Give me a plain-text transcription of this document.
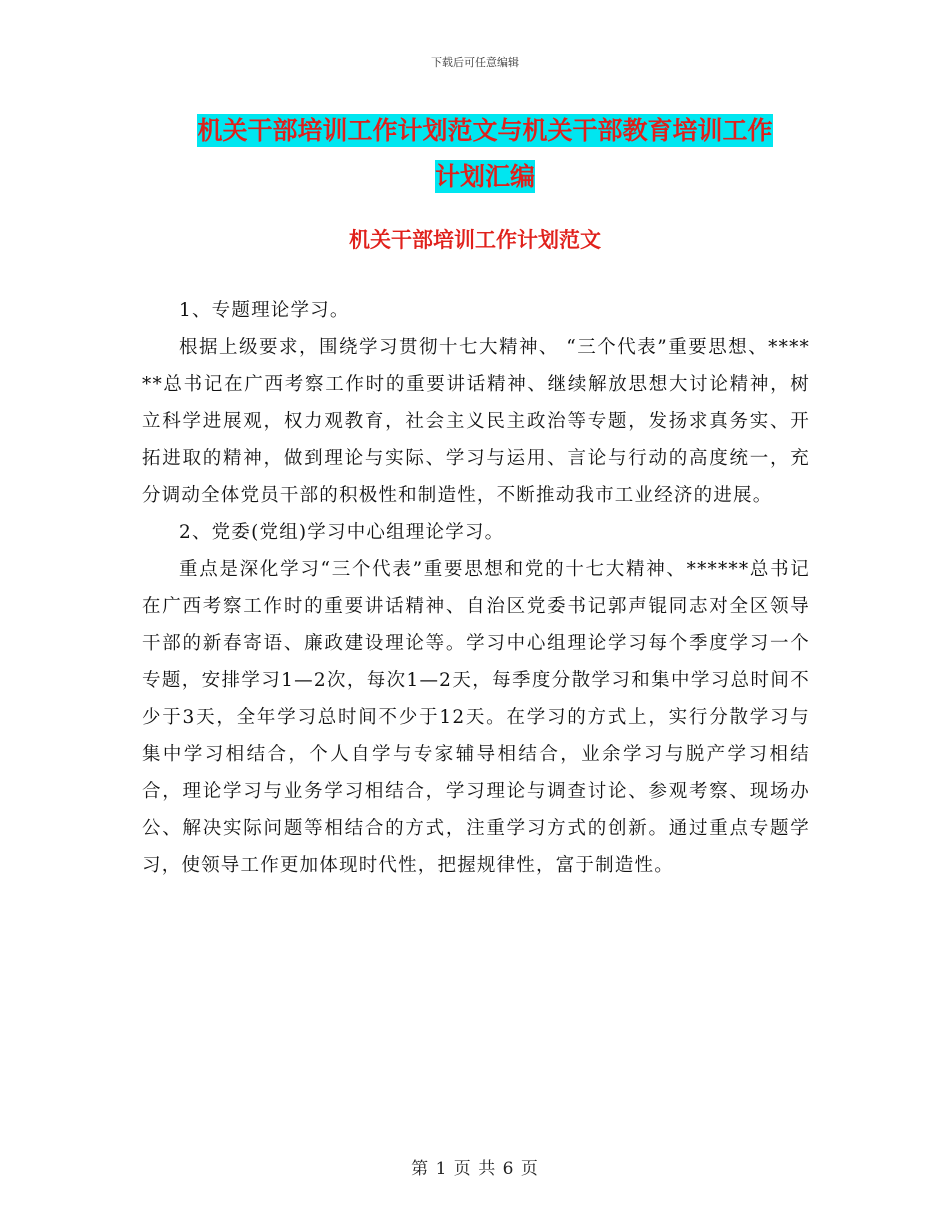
下载后可任意编辑
机关干部培训工作计划范文与机关干部教育培训工作
计划汇编
机关干部培训工作计划范文

1、专题理论学习。

根据上级要求，围绕学习贯彻十七大精神、 “三个代表”重要思想、******总书记在广西考察工作时的重要讲话精神、继续解放思想大讨论精神，树立科学进展观，权力观教育，社会主义民主政治等专题，发扬求真务实、开拓进取的精神，做到理论与实际、学习与运用、言论与行动的高度统一，充分调动全体党员干部的积极性和制造性，不断推动我市工业经济的进展。

2、党委(党组)学习中心组理论学习。

重点是深化学习“三个代表”重要思想和党的十七大精神、******总书记在广西考察工作时的重要讲话精神、自治区党委书记郭声锟同志对全区领导干部的新春寄语、廉政建设理论等。学习中心组理论学习每个季度学习一个专题，安排学习1—2次，每次1—2天，每季度分散学习和集中学习总时间不少于3天，全年学习总时间不少于12天。在学习的方式上，实行分散学习与集中学习相结合，个人自学与专家辅导相结合，业余学习与脱产学习相结合，理论学习与业务学习相结合，学习理论与调查讨论、参观考察、现场办公、解决实际问题等相结合的方式，注重学习方式的创新。通过重点专题学习，使领导工作更加体现时代性，把握规律性，富于制造性。

第 1 页 共 6 页
